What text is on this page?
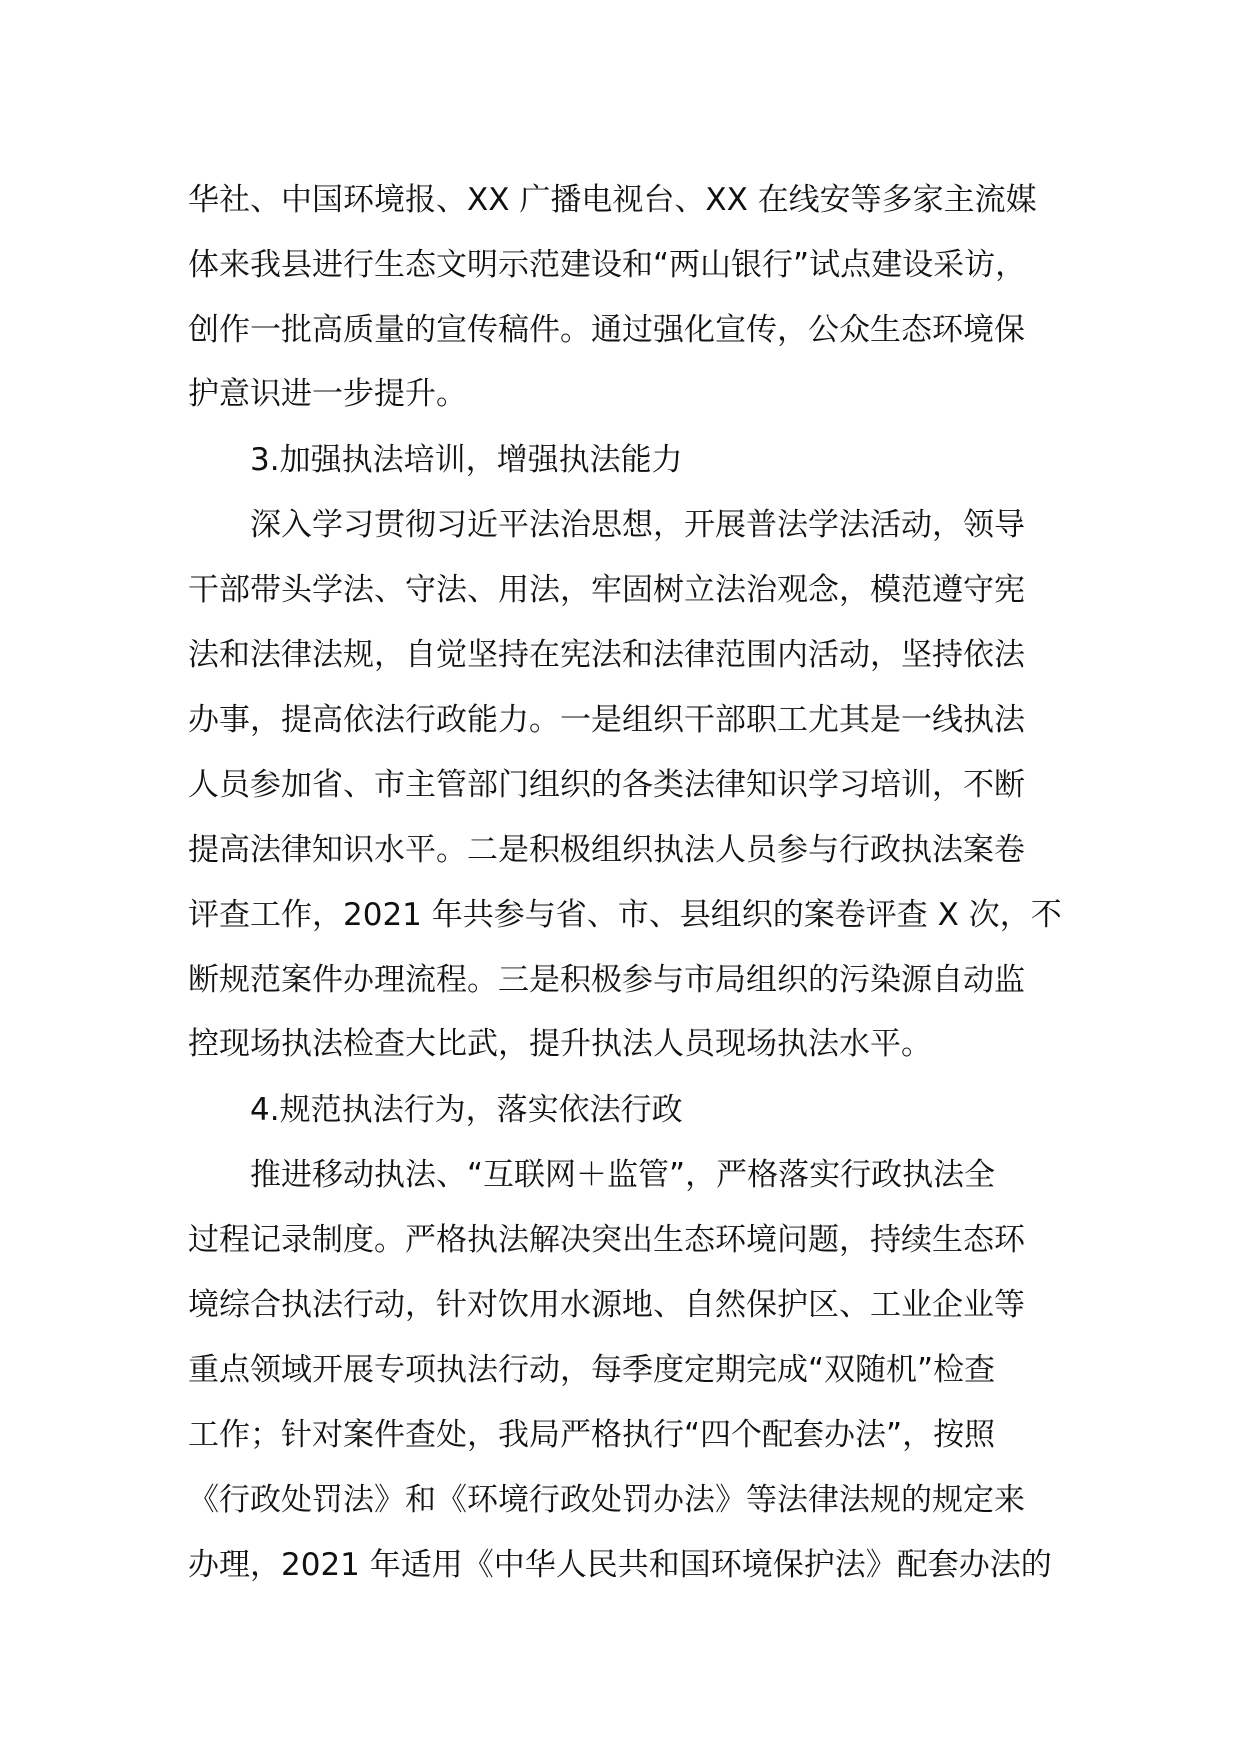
华社、中国环境报、XX 广播电视台、XX 在线安等多家主流媒
体来我县进行生态文明示范建设和“两山银行”试点建设采访，
创作一批高质量的宣传稿件。通过强化宣传，公众生态环境保
护意识进一步提升。
3.加强执法培训，增强执法能力
深入学习贯彻习近平法治思想，开展普法学法活动，领导
干部带头学法、守法、用法，牢固树立法治观念，模范遵守宪
法和法律法规，自觉坚持在宪法和法律范围内活动，坚持依法
办事，提高依法行政能力。一是组织干部职工尤其是一线执法
人员参加省、市主管部门组织的各类法律知识学习培训，不断
提高法律知识水平。二是积极组织执法人员参与行政执法案卷
评查工作，2021 年共参与省、市、县组织的案卷评查 X 次，不
断规范案件办理流程。三是积极参与市局组织的污染源自动监
控现场执法检查大比武，提升执法人员现场执法水平。
4.规范执法行为，落实依法行政
推进移动执法、“互联网＋监管”，严格落实行政执法全
过程记录制度。严格执法解决突出生态环境问题，持续生态环
境综合执法行动，针对饮用水源地、自然保护区、工业企业等
重点领域开展专项执法行动，每季度定期完成“双随机”检查
工作；针对案件查处，我局严格执行“四个配套办法”，按照
《行政处罚法》和《环境行政处罚办法》等法律法规的规定来
办理，2021 年适用《中华人民共和国环境保护法》配套办法的
